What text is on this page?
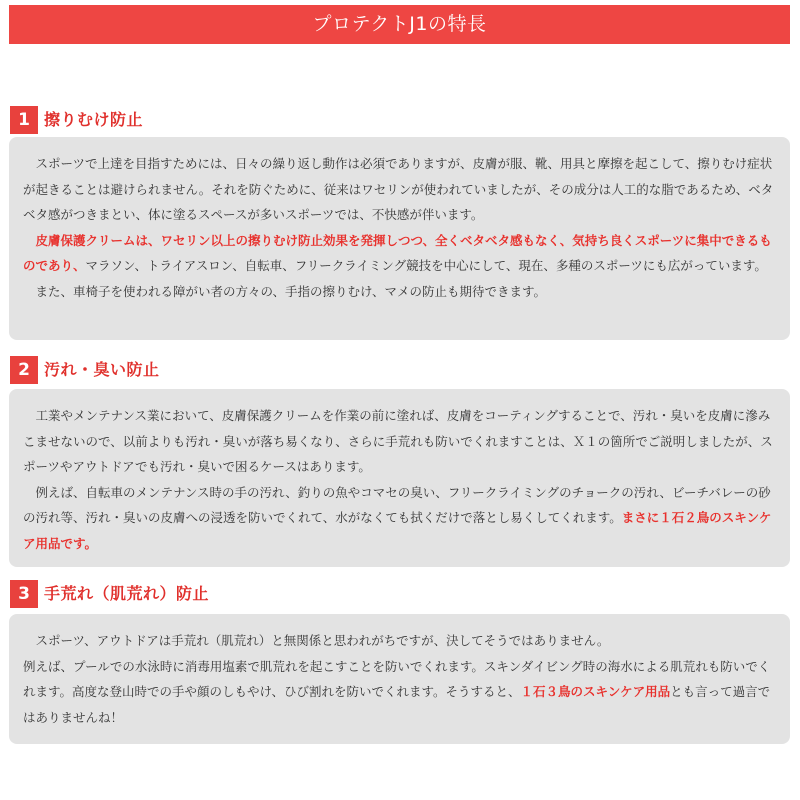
プロテクトJ1の特長
1 擦りむけ防止

スポーツで上達を目指すためには、日々の繰り返し動作は必須でありますが、皮膚が服、靴、用具と摩擦を起こして、擦りむけ症状が起きることは避けられません。それを防ぐために、従来はワセリンが使われていましたが、その成分は人工的な脂であるため、ベタベタ感がつきまとい、体に塗るスペースが多いスポーツでは、不快感が伴います。

皮膚保護クリームは、ワセリン以上の擦りむけ防止効果を発揮しつつ、全くベタベタ感もなく、気持ち良くスポーツに集中できるものであり、マラソン、トライアスロン、自転車、フリークライミング競技を中心にして、現在、多種のスポーツにも広がっています。

また、車椅子を使われる障がい者の方々の、手指の擦りむけ、マメの防止も期待できます。

2 汚れ・臭い防止

工業やメンテナンス業において、皮膚保護クリームを作業の前に塗れば、皮膚をコーティングすることで、汚れ・臭いを皮膚に滲みこませないので、以前よりも汚れ・臭いが落ち易くなり、さらに手荒れも防いでくれますことは、Ｘ１の箇所でご説明しましたが、スポーツやアウトドアでも汚れ・臭いで困るケースはあります。

例えば、自転車のメンテナンス時の手の汚れ、釣りの魚やコマセの臭い、フリークライミングのチョークの汚れ、ビーチバレーの砂の汚れ等、汚れ・臭いの皮膚への浸透を防いでくれて、水がなくても拭くだけで落とし易くしてくれます。まさに１石２鳥のスキンケア用品です。

3 手荒れ（肌荒れ）防止

スポーツ、アウトドアは手荒れ（肌荒れ）と無関係と思われがちですが、決してそうではありません。

例えば、プールでの水泳時に消毒用塩素で肌荒れを起こすことを防いでくれます。スキンダイビング時の海水による肌荒れも防いでくれます。高度な登山時での手や顔のしもやけ、ひび割れを防いでくれます。そうすると、１石３鳥のスキンケア用品とも言って過言ではありませんね！
